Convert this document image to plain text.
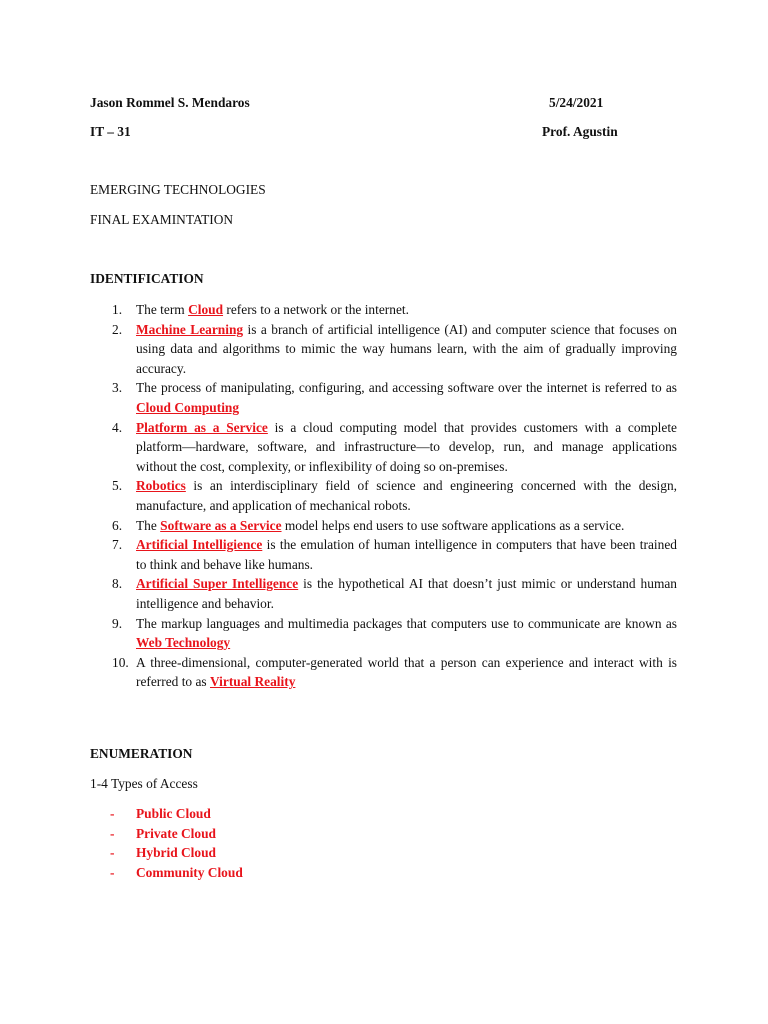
Jason Rommel S. Mendaros	5/24/2021
IT – 31	Prof. Agustin
EMERGING TECHNOLOGIES
FINAL EXAMINTATION
IDENTIFICATION
1. The term Cloud refers to a network or the internet.
2. Machine Learning is a branch of artificial intelligence (AI) and computer science that focuses on using data and algorithms to mimic the way humans learn, with the aim of gradually improving accuracy.
3. The process of manipulating, configuring, and accessing software over the internet is referred to as Cloud Computing
4. Platform as a Service is a cloud computing model that provides customers with a complete platform—hardware, software, and infrastructure—to develop, run, and manage applications without the cost, complexity, or inflexibility of doing so on-premises.
5. Robotics is an interdisciplinary field of science and engineering concerned with the design, manufacture, and application of mechanical robots.
6. The Software as a Service model helps end users to use software applications as a service.
7. Artificial Intelligience is the emulation of human intelligence in computers that have been trained to think and behave like humans.
8. Artificial Super Intelligence is the hypothetical AI that doesn’t just mimic or understand human intelligence and behavior.
9. The markup languages and multimedia packages that computers use to communicate are known as Web Technology
10. A three-dimensional, computer-generated world that a person can experience and interact with is referred to as Virtual Reality
ENUMERATION
1-4 Types of Access
- Public Cloud
- Private Cloud
- Hybrid Cloud
- Community Cloud
